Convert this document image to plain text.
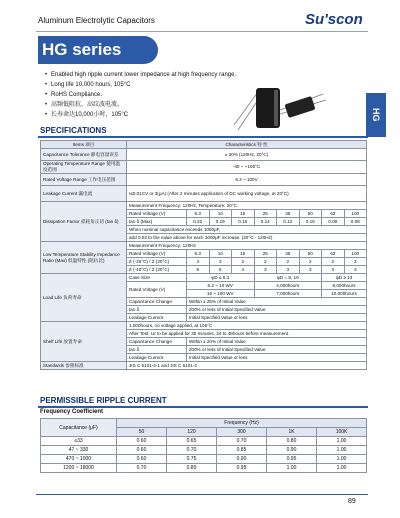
Aluminum Electrolytic Capacitors	Su'scon
HG series
HG
• Enabled high ripple current lower impedance at high frequency range.
• Long life 10,000 hours, 105°C
• RoHS Compliance.
• 高频低阻抗，高纹波电流。
• 长寿命达10,000小时，105°C
SPECIFICATIONS
Items 项目	Characteristics 特 性								
Capacitance Tolerance 静电容量误差	± 20% (120Hz, 20°C)								
Operating Temperature Range 使用温度范围	-40 ~ +105°C								
Rated Voltage Range 工作电压范围	6.3 ~ 100V								
Leakage Current 漏电流	I≤0.01CV or 3(μA) (After 2 minutes application of DC working voltage, at 20°C)								
Dissipation Factor 损耗角正切 (tan δ)	Measurement Frequency: 120Hz, Temperature: 20°C								
	Rated Voltage (V)	6.3	10	16	25	35	50	63	100
	tan δ (Max)	0.22	0.19	0.16	0.14	0.12	0.10	0.09	0.08
	When nominal capacitance exceeds 1000μF,								
	add 0.02 to the value above for each 1000μF increase. (20°C · 120Hz)								
Low Temperature Stability Impedance Ratio (Max) 低温特性 (阻抗比)	Measurement Frequency: 120Hz								
	Rated Voltage (V)	6.3	10	16	25	35	50	63	100
	Z (-25°C) / Z (20°C)	4	3	2	2	2	2	2	2
	Z (-40°C) / Z (20°C)	8	6	4	3	3	3	3	3
Load Life 负荷寿命	Case Size	φD ≤ 6.3			φD = 8, 10			φD ≥ 13	
	Rated Voltage (V)	6.3 ~ 10 WV			4,000hours			8,000hours	
		16 ~ 100 WV			7,000hours			10,000hours	
	Capacitance Change	Within ± 25% of Initial Value							
	tan δ	200% or less of Initial Specified Value							
	Leakage Current	Initial Specified Value or less							
Shelf Life 放置寿命	1,000hours, no voltage applied, at 105°C								
	After Test: Ur to be applied for 30 minutes, 24 to 48hours before measurement.								
	Capacitance Change	Within ± 20% of Initial Value							
	tan δ	200% or less of Initial Specified Value							
	Leakage Current	Initial Specified Value or less							
Standards 参照标准	JIS C 5101-4-1 and JIS C 5101-2								
PERMISSIBLE RIPPLE CURRENT
Frequency Coefficient
Capacitance (μF)	Frequency (Hz)				
	50	120	300	1K	100K
≤33	0.60	0.65	0.70	0.80	1.00
47 ~ 330	0.60	0.70	0.85	0.90	1.00
470 ~ 1000	0.60	0.75	0.90	0.95	1.00
1200 ~ 18000	0.70	0.80	0.95	1.00	1.00
89
